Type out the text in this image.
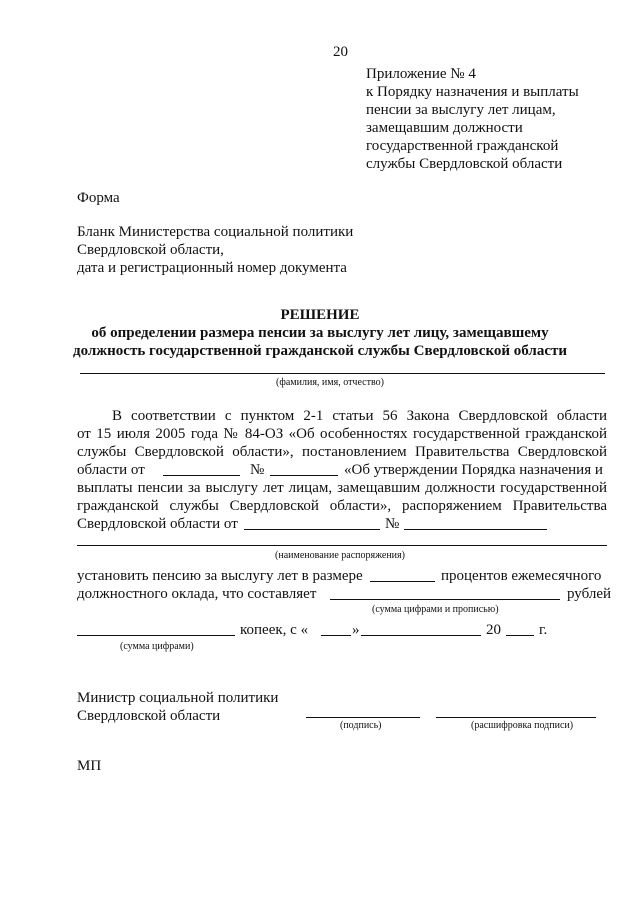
20
Приложение № 4
к Порядку назначения и выплаты
пенсии за выслугу лет лицам,
замещавшим должности
государственной гражданской
службы Свердловской области
Форма
Бланк Министерства социальной политики
Свердловской области,
дата и регистрационный номер документа
РЕШЕНИЕ
об определении размера пенсии за выслугу лет лицу, замещавшему
должность государственной гражданской службы Свердловской области
(фамилия, имя, отчество)
В соответствии с пунктом 2-1 статьи 56 Закона Свердловской области
от 15 июля 2005 года № 84-ОЗ «Об особенностях государственной гражданской
службы Свердловской области», постановлением Правительства Свердловской
области от	№	«Об утверждении Порядка назначения и
выплаты пенсии за выслугу лет лицам, замещавшим должности государственной
гражданской службы Свердловской области», распоряжением Правительства
Свердловской области от	№
(наименование распоряжения)
установить пенсию за выслугу лет в размере	процентов ежемесячного
должностного оклада, что составляет	рублей
(сумма цифрами и прописью)
копеек, с «	»	20	г.
(сумма цифрами)
Министр социальной политики
Свердловской области
(подпись)	(расшифровка подписи)
МП
